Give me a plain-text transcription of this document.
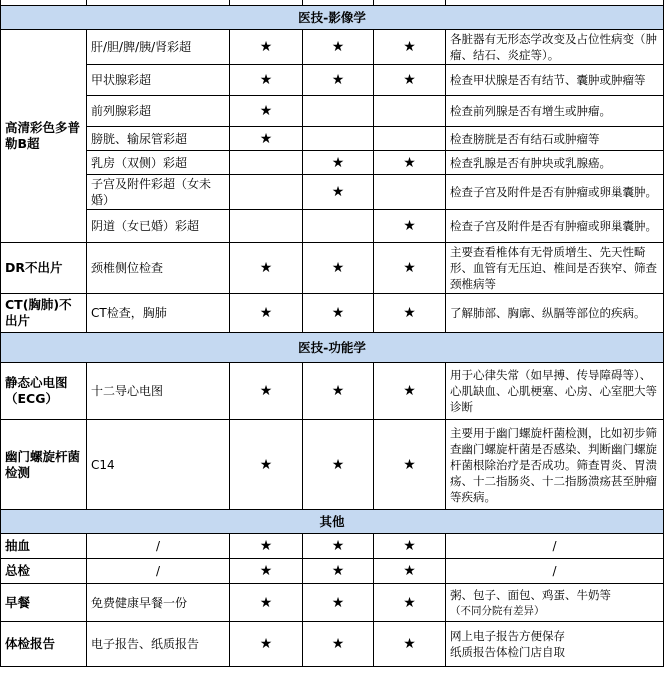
医技-影像学					
高清彩色多普勒B超	肝/胆/脾/胰/肾彩超	★	★	★	各脏器有无形态学改变及占位性病变（肿瘤、结石、炎症等）。
	甲状腺彩超	★	★	★	检查甲状腺是否有结节、囊肿或肿瘤等
	前列腺彩超	★			检查前列腺是否有增生或肿瘤。
	膀胱、输尿管彩超	★			检查膀胱是否有结石或肿瘤等
	乳房（双侧）彩超		★	★	检查乳腺是否有肿块或乳腺癌。
	子宫及附件彩超（女未婚）		★		检查子宫及附件是否有肿瘤或卵巢囊肿。
	阴道（女已婚）彩超			★	检查子宫及附件是否有肿瘤或卵巢囊肿。
DR不出片	颈椎侧位检查	★	★	★	主要查看椎体有无骨质增生、先天性畸形、血管有无压迫、椎间是否狭窄、筛查颈椎病等
CT(胸肺)不出片	CT检查，胸肺	★	★	★	了解肺部、胸廓、纵膈等部位的疾病。
医技-功能学					
静态心电图（ECG）	十二导心电图	★	★	★	用于心律失常（如早搏、传导障碍等）、心肌缺血、心肌梗塞、心房、心室肥大等诊断
幽门螺旋杆菌检测	C14	★	★	★	主要用于幽门螺旋杆菌检测，比如初步筛查幽门螺旋杆菌是否感染、判断幽门螺旋杆菌根除治疗是否成功。筛查胃炎、胃溃疡、十二指肠炎、十二指肠溃疡甚至肿瘤等疾病。
其他					
抽血	/	★	★	★	/
总检	/	★	★	★	/
早餐	免费健康早餐一份	★	★	★	粥、包子、面包、鸡蛋、牛奶等
（不同分院有差异）

体检报告	电子报告、纸质报告	★	★	★	网上电子报告方便保存
纸质报告体检门店自取
